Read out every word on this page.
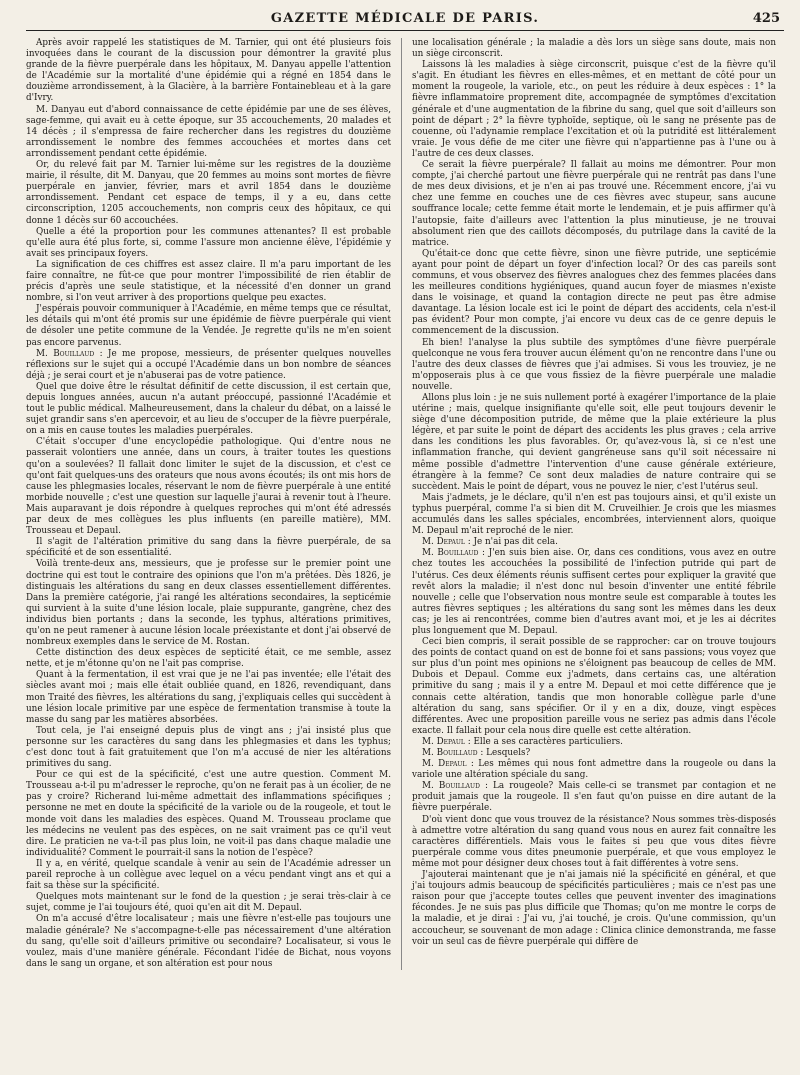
GAZETTE MÉDICALE DE PARIS.	425

Après avoir rappelé les statistiques de M. Tarnier, qui ont été plusieurs fois invoquées dans le courant de la discussion pour démontrer la gravité plus grande de la fièvre puerpérale dans les hôpitaux, M. Danyau appelle l'attention de l'Académie sur la mortalité d'une épidémie qui a régné en 1854 dans le douzième arrondissement, à la Glacière, à la barrière Fontainebleau et à la gare d'Ivry.

M. Danyau eut d'abord connaissance de cette épidémie par une de ses élèves, sage-femme, qui avait eu à cette époque, sur 35 accouchements, 20 malades et 14 décès ; il s'empressa de faire rechercher dans les registres du douzième arrondissement le nombre des femmes accouchées et mortes dans cet arrondissement pendant cette épidémie.

Or, du relevé fait par M. Tarnier lui-même sur les registres de la douzième mairie, il résulte, dit M. Danyau, que 20 femmes au moins sont mortes de fièvre puerpérale en janvier, février, mars et avril 1854 dans le douzième arrondissement. Pendant cet espace de temps, il y a eu, dans cette circonscription, 1205 accouchements, non compris ceux des hôpitaux, ce qui donne 1 décès sur 60 accouchées.

Quelle a été la proportion pour les communes attenantes? Il est probable qu'elle aura été plus forte, si, comme l'assure mon ancienne élève, l'épidémie y avait ses principaux foyers.

La signification de ces chiffres est assez claire. Il m'a paru important de les faire connaître, ne fût-ce que pour montrer l'impossibilité de rien établir de précis d'après une seule statistique, et la nécessité d'en donner un grand nombre, si l'on veut arriver à des proportions quelque peu exactes.

J'espérais pouvoir communiquer à l'Académie, en même temps que ce résultat, les détails qui m'ont été promis sur une épidémie de fièvre puerpérale qui vient de désoler une petite commune de la Vendée. Je regrette qu'ils ne m'en soient pas encore parvenus.

M. Bouillaud : Je me propose, messieurs, de présenter quelques nouvelles réflexions sur le sujet qui a occupé l'Académie dans un bon nombre de séances déjà ; je serai court et je n'abuserai pas de votre patience.

Quel que doive être le résultat définitif de cette discussion, il est certain que, depuis longues années, aucun n'a autant préoccupé, passionné l'Académie et tout le public médical. Malheureusement, dans la chaleur du débat, on a laissé le sujet grandir sans s'en apercevoir, et au lieu de s'occuper de la fièvre puerpérale, on a mis en cause toutes les maladies puerpérales.

C'était s'occuper d'une encyclopédie pathologique. Qui d'entre nous ne passerait volontiers une année, dans un cours, à traiter toutes les questions qu'on a soulevées? Il fallait donc limiter le sujet de la discussion, et c'est ce qu'ont fait quelques-uns des orateurs que nous avons écoutés; ils ont mis hors de cause les phlegmasies locales, réservant le nom de fièvre puerpérale à une entité morbide nouvelle ; c'est une question sur laquelle j'aurai à revenir tout à l'heure. Mais auparavant je dois répondre à quelques reproches qui m'ont été adressés par deux de mes collègues les plus influents (en pareille matière), MM. Trousseau et Depaul.

Il s'agit de l'altération primitive du sang dans la fièvre puerpérale, de sa spécificité et de son essentialité.

Voilà trente-deux ans, messieurs, que je professe sur le premier point une doctrine qui est tout le contraire des opinions que l'on m'a prêtées. Dès 1826, je distinguais les altérations du sang en deux classes essentiellement différentes. Dans la première catégorie, j'ai rangé les altérations secondaires, la septicémie qui survient à la suite d'une lésion locale, plaie suppurante, gangrène, chez des individus bien portants ; dans la seconde, les typhus, altérations primitives, qu'on ne peut ramener à aucune lésion locale préexistante et dont j'ai observé de nombreux exemples dans le service de M. Rostan.

Cette distinction des deux espèces de septicité était, ce me semble, assez nette, et je m'étonne qu'on ne l'ait pas comprise.

Quant à la fermentation, il est vrai que je ne l'ai pas inventée; elle l'était des siècles avant moi ; mais elle était oubliée quand, en 1826, revendiquant, dans mon Traité des fièvres, les altérations du sang, j'expliquais celles qui succèdent à une lésion locale primitive par une espèce de fermentation transmise à toute la masse du sang par les matières absorbées.

Tout cela, je l'ai enseigné depuis plus de vingt ans ; j'ai insisté plus que personne sur les caractères du sang dans les phlegmasies et dans les typhus; c'est donc tout à fait gratuitement que l'on m'a accusé de nier les altérations primitives du sang.

Pour ce qui est de la spécificité, c'est une autre question. Comment M. Trousseau a-t-il pu m'adresser le reproche, qu'on ne ferait pas à un écolier, de ne pas y croire? Richerand lui-même admettait des inflammations spécifiques ; personne ne met en doute la spécificité de la variole ou de la rougeole, et tout le monde voit dans les maladies des espèces. Quand M. Trousseau proclame que les médecins ne veulent pas des espèces, on ne sait vraiment pas ce qu'il veut dire. Le praticien ne va-t-il pas plus loin, ne voit-il pas dans chaque maladie une individualité? Comment le pourrait-il sans la notion de l'espèce?

Il y a, en vérité, quelque scandale à venir au sein de l'Académie adresser un pareil reproche à un collègue avec lequel on a vécu pendant vingt ans et qui a fait sa thèse sur la spécificité.

Quelques mots maintenant sur le fond de la question ; je serai très-clair à ce sujet, comme je l'ai toujours été, quoi qu'en ait dit M. Depaul.

On m'a accusé d'être localisateur ; mais une fièvre n'est-elle pas toujours une maladie générale? Ne s'accompagne-t-elle pas nécessairement d'une altération du sang, qu'elle soit d'ailleurs primitive ou secondaire? Localisateur, si vous le voulez, mais d'une manière générale. Fécondant l'idée de Bichat, nous voyons dans le sang un organe, et son altération est pour nous

une localisation générale ; la maladie a dès lors un siège sans doute, mais non un siège circonscrit.

Laissons là les maladies à siège circonscrit, puisque c'est de la fièvre qu'il s'agit. En étudiant les fièvres en elles-mêmes, et en mettant de côté pour un moment la rougeole, la variole, etc., on peut les réduire à deux espèces : 1° la fièvre inflammatoire proprement dite, accompagnée de symptômes d'excitation générale et d'une augmentation de la fibrine du sang, quel que soit d'ailleurs son point de départ ; 2° la fièvre typhoïde, septique, où le sang ne présente pas de couenne, où l'adynamie remplace l'excitation et où la putridité est littéralement vraie. Je vous défie de me citer une fièvre qui n'appartienne pas à l'une ou à l'autre de ces deux classes.

Ce serait la fièvre puerpérale? Il fallait au moins me démontrer. Pour mon compte, j'ai cherché partout une fièvre puerpérale qui ne rentrât pas dans l'une de mes deux divisions, et je n'en ai pas trouvé une. Récemment encore, j'ai vu chez une femme en couches une de ces fièvres avec stupeur, sans aucune souffrance locale; cette femme était morte le lendemain, et je puis affirmer qu'à l'autopsie, faite d'ailleurs avec l'attention la plus minutieuse, je ne trouvai absolument rien que des caillots décomposés, du putrilage dans la cavité de la matrice.

Qu'était-ce donc que cette fièvre, sinon une fièvre putride, une septicémie ayant pour point de départ un foyer d'infection local? Or des cas pareils sont communs, et vous observez des fièvres analogues chez des femmes placées dans les meilleures conditions hygiéniques, quand aucun foyer de miasmes n'existe dans le voisinage, et quand la contagion directe ne peut pas être admise davantage. La lésion locale est ici le point de départ des accidents, cela n'est-il pas évident? Pour mon compte, j'ai encore vu deux cas de ce genre depuis le commencement de la discussion.

Eh bien! l'analyse la plus subtile des symptômes d'une fièvre puerpérale quelconque ne vous fera trouver aucun élément qu'on ne rencontre dans l'une ou l'autre des deux classes de fièvres que j'ai admises. Si vous les trouviez, je ne m'opposerais plus à ce que vous fissiez de la fièvre puerpérale une maladie nouvelle.

Allons plus loin : je ne suis nullement porté à exagérer l'importance de la plaie utérine ; mais, quelque insignifiante qu'elle soit, elle peut toujours devenir le siège d'une décomposition putride, de même que la plaie extérieure la plus légère, et par suite le point de départ des accidents les plus graves ; cela arrive dans les conditions les plus favorables. Or, qu'avez-vous là, si ce n'est une inflammation franche, qui devient gangréneuse sans qu'il soit nécessaire ni même possible d'admettre l'intervention d'une cause générale extérieure, étrangère à la femme? Ce sont deux maladies de nature contraire qui se succèdent. Mais le point de départ, vous ne pouvez le nier, c'est l'utérus seul.

Mais j'admets, je le déclare, qu'il n'en est pas toujours ainsi, et qu'il existe un typhus puerpéral, comme l'a si bien dit M. Cruveilhier. Je crois que les miasmes accumulés dans les salles spéciales, encombrées, interviennent alors, quoique M. Depaul m'ait reproché de le nier.

M. Depaul : Je n'ai pas dit cela.

M. Bouillaud : J'en suis bien aise. Or, dans ces conditions, vous avez en outre chez toutes les accouchées la possibilité de l'infection putride qui part de l'utérus. Ces deux éléments réunis suffisent certes pour expliquer la gravité que revêt alors la maladie; il n'est donc nul besoin d'inventer une entité fébrile nouvelle ; celle que l'observation nous montre seule est comparable à toutes les autres fièvres septiques ; les altérations du sang sont les mêmes dans les deux cas; je les ai rencontrées, comme bien d'autres avant moi, et je les ai décrites plus longuement que M. Depaul.

Ceci bien compris, il serait possible de se rapprocher: car on trouve toujours des points de contact quand on est de bonne foi et sans passions; vous voyez que sur plus d'un point mes opinions ne s'éloignent pas beaucoup de celles de MM. Dubois et Depaul. Comme eux j'admets, dans certains cas, une altération primitive du sang ; mais il y a entre M. Depaul et moi cette différence que je connais cette altération, tandis que mon honorable collègue parle d'une altération du sang, sans spécifier. Or il y en a dix, douze, vingt espèces différentes. Avec une proposition pareille vous ne seriez pas admis dans l'école exacte. Il fallait pour cela nous dire quelle est cette altération.

M. Depaul : Elle a ses caractères particuliers.

M. Bouillaud : Lesquels?

M. Depaul : Les mêmes qui nous font admettre dans la rougeole ou dans la variole une altération spéciale du sang.

M. Bouillaud : La rougeole? Mais celle-ci se transmet par contagion et ne produit jamais que la rougeole. Il s'en faut qu'on puisse en dire autant de la fièvre puerpérale.

D'où vient donc que vous trouvez de la résistance? Nous sommes très-disposés à admettre votre altération du sang quand vous nous en aurez fait connaître les caractères différentiels. Mais vous le faites si peu que vous dites fièvre puerpérale comme vous dites pneumonie puerpérale, et que vous employez le même mot pour désigner deux choses tout à fait différentes à votre sens.

J'ajouterai maintenant que je n'ai jamais nié la spécificité en général, et que j'ai toujours admis beaucoup de spécificités particulières ; mais ce n'est pas une raison pour que j'accepte toutes celles que peuvent inventer des imaginations fécondes. Je ne suis pas plus difficile que Thomas; qu'on me montre le corps de la maladie, et je dirai : J'ai vu, j'ai touché, je crois. Qu'une commission, qu'un accoucheur, se souvenant de mon adage : Clinica clinice demonstranda, me fasse voir un seul cas de fièvre puerpérale qui diffère de
